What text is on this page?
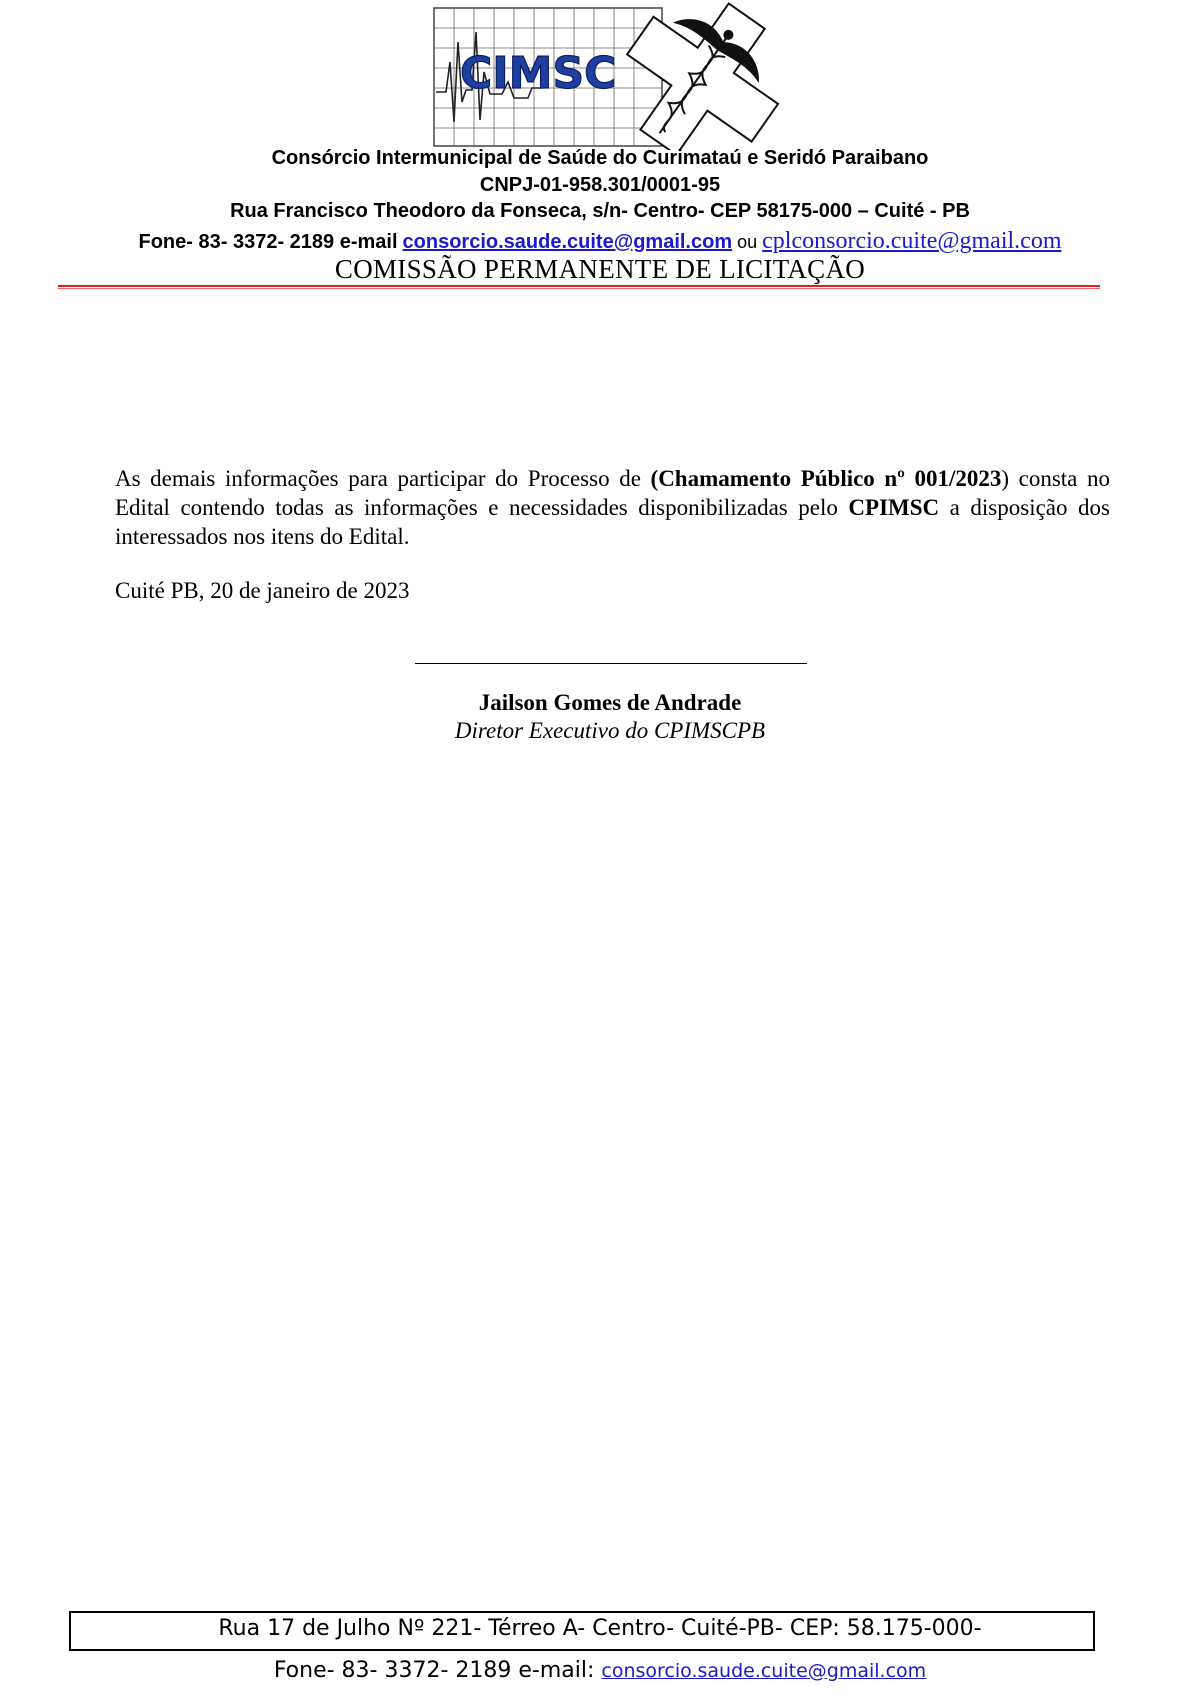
CIMSC
Consórcio Intermunicipal de Saúde do Curimataú e Seridó Paraibano
CNPJ-01-958.301/0001-95
Rua Francisco Theodoro da Fonseca, s/n- Centro- CEP 58175-000 – Cuité - PB
Fone- 83- 3372- 2189 e-mail consorcio.saude.cuite@gmail.com ou cplconsorcio.cuite@gmail.com
COMISSÃO PERMANENTE DE LICITAÇÃO
As demais informações para participar do Processo de (Chamamento Público nº 001/2023) consta no Edital contendo todas as informações e necessidades disponibilizadas pelo CPIMSC a disposição dos interessados nos itens do Edital.
Cuité PB, 20 de janeiro de 2023
Jailson Gomes de Andrade
Diretor Executivo do CPIMSCPB
Rua 17 de Julho Nº 221- Térreo A- Centro- Cuité-PB- CEP: 58.175-000-
Fone- 83- 3372- 2189 e-mail: consorcio.saude.cuite@gmail.com
